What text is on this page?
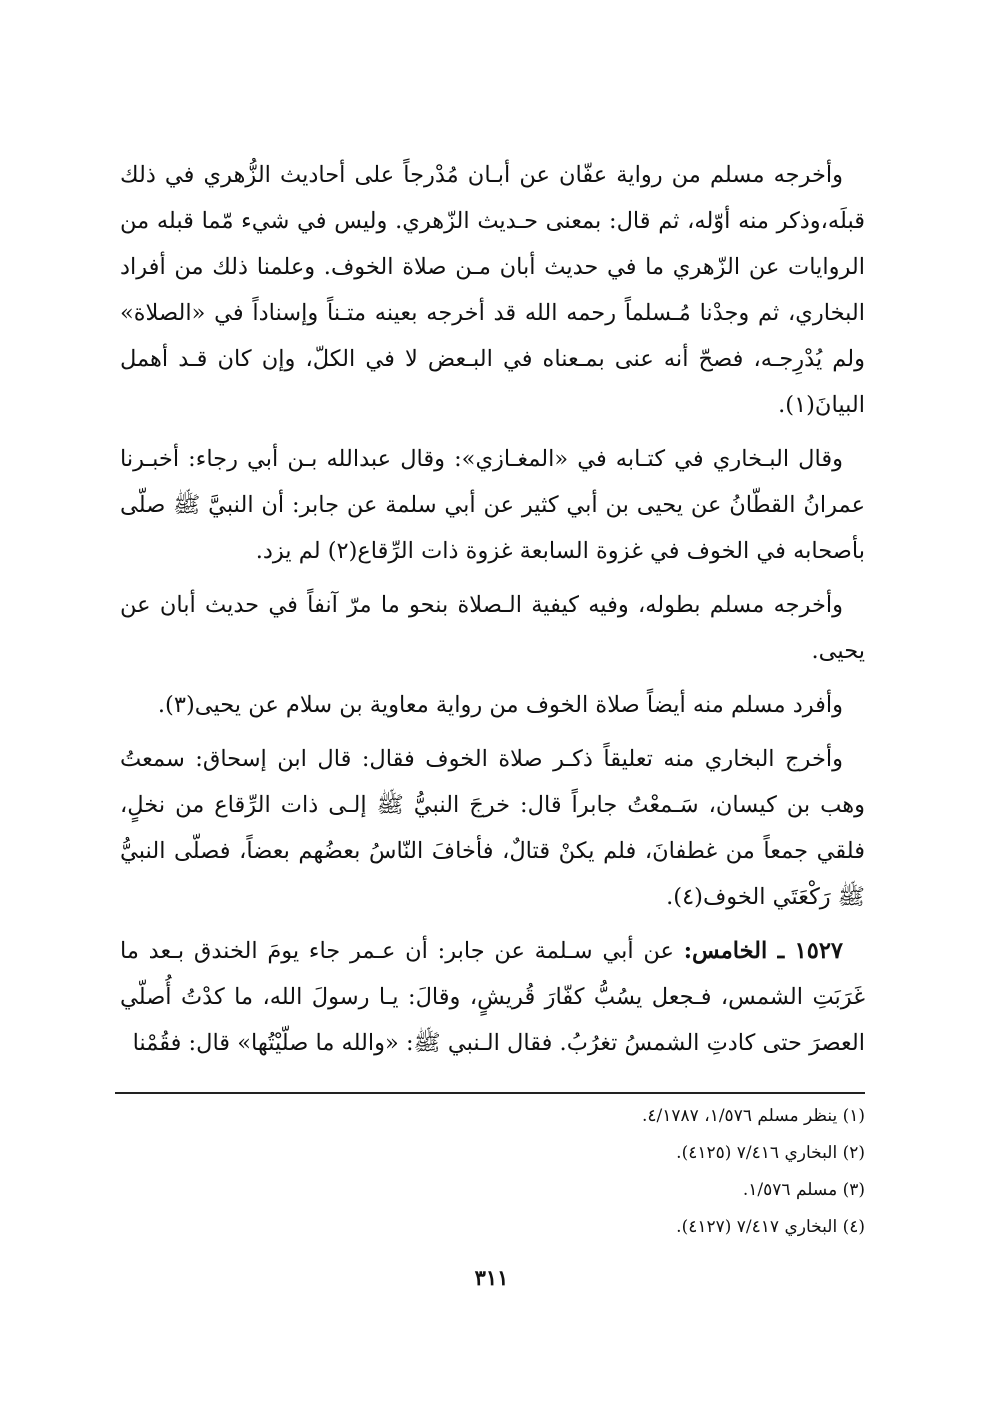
وأخرجه مسلم من رواية عفّان عن أبـان مُدْرجاً على أحاديث الزُّهري في ذلك قبلَه،وذكر منه أوّله، ثم قال: بمعنى حـديث الزّهري. وليس في شيء مّما قبله من الروايات عن الزّهري ما في حديث أبان مـن صلاة الخوف. وعلمنا ذلك من أفراد البخاري، ثم وجدْنا مُـسلماً رحمه الله قد أخرجه بعينه متـناً وإسناداً في «الصلاة» ولم يُدْرِجـه، فصحّ أنه عنى بمـعناه في البـعض لا في الكلّ، وإن كان قـد أهمل البيانَ(١).

وقال البـخاري في كتـابه في «المغـازي»: وقال عبدالله بـن أبي رجاء: أخبـرنا عمرانُ القطّانُ عن يحيى بن أبي كثير عن أبي سلمة عن جابر: أن النبيَّ ﷺ صلّى بأصحابه في الخوف في غزوة السابعة غزوة ذات الرِّقاع(٢) لم يزد.

وأخرجه مسلم بطوله، وفيه كيفية الـصلاة بنحو ما مرّ آنفاً في حديث أبان عن يحيى.

وأفرد مسلم منه أيضاً صلاة الخوف من رواية معاوية بن سلام عن يحيى(٣).

وأخرج البخاري منه تعليقاً ذكـر صلاة الخوف فقال: قال ابن إسحاق: سمعتُ وهب بن كيسان، سَـمعْتُ جابراً قال: خرجَ النبيُّ ﷺ إلـى ذات الرِّقاع من نخلٍ، فلقي جمعاً من غطفانَ، فلم يكنْ قتالٌ، فأخافَ النّاسُ بعضُهم بعضاً، فصلّى النبيُّ ﷺ رَكْعَتَي الخوف(٤).

١٥٢٧ ـ الخامس: عن أبي سـلمة عن جابر: أن عـمر جاء يومَ الخندق بـعد ما غَرَبَتِ الشمس، فـجعل يسُبُّ كفّارَ قُريشٍ، وقالَ: يـا رسولَ الله، ما كدْتُ أُصلّي العصرَ حتى كادتِ الشمسُ تغرُبُ. فقال الـنبي ﷺ: «والله ما صلّيْتُها» قال: فقُمْنا

(١) ينظر مسلم ١/٥٧٦، ٤/١٧٨٧.

(٢) البخاري ٧/٤١٦ (٤١٢٥).

(٣) مسلم ١/٥٧٦.

(٤) البخاري ٧/٤١٧ (٤١٢٧).

٣١١
